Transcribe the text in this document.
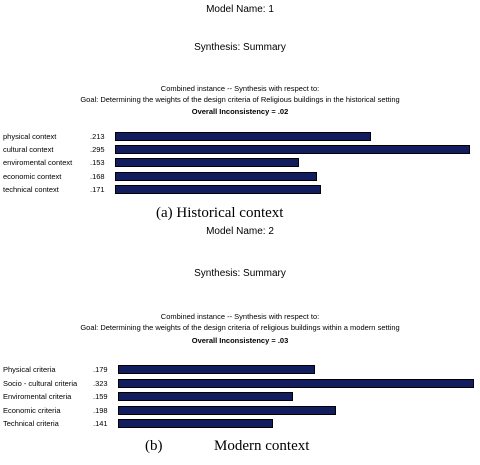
Model Name: 1
Synthesis: Summary
Combined instance -- Synthesis with respect to:
Goal: Determining the weights of the design criteria of Religious buildings in the historical setting
Overall Inconsistency = .02
physical context	.213
cultural context	.295
enviromental context .153
economic context	.168
technical context	.171
(a) Historical context
Model Name: 2
Synthesis: Summary
Combined instance -- Synthesis with respect to:
Goal: Determining the weights of the design criteria of religious buildings within a modern setting
Overall Inconsistency = .03
Physical criteria	.179
Socio - cultural criteria .323
Enviromental criteria	.159
Economic criteria	.198
Technical criteria	.141
(b)	Modern context
